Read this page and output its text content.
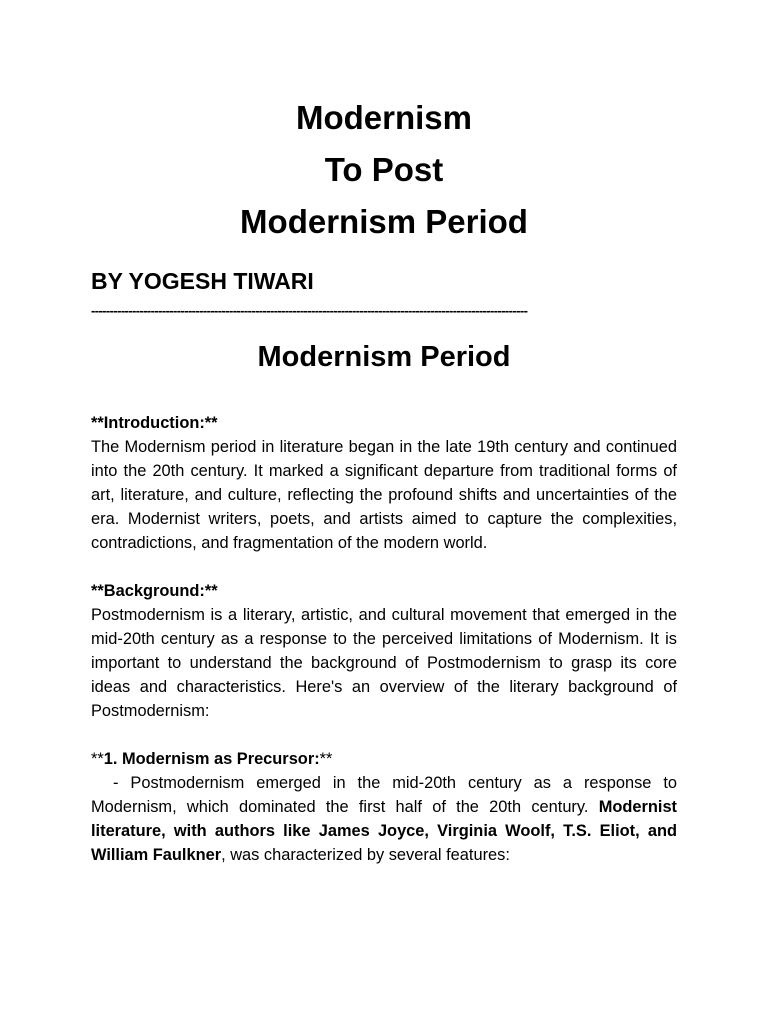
Modernism
To Post
Modernism Period
BY YOGESH TIWARI
---------------------------------------------------------------------------------------------------------------------
Modernism Period
**Introduction:**

The Modernism period in literature began in the late 19th century and continued into the 20th century. It marked a significant departure from traditional forms of art, literature, and culture, reflecting the profound shifts and uncertainties of the era. Modernist writers, poets, and artists aimed to capture the complexities, contradictions, and fragmentation of the modern world.

**Background:**

Postmodernism is a literary, artistic, and cultural movement that emerged in the mid-20th century as a response to the perceived limitations of Modernism. It is important to understand the background of Postmodernism to grasp its core ideas and characteristics. Here's an overview of the literary background of Postmodernism:

**1. Modernism as Precursor:**

- Postmodernism emerged in the mid-20th century as a response to Modernism, which dominated the first half of the 20th century. Modernist literature, with authors like James Joyce, Virginia Woolf, T.S. Eliot, and William Faulkner, was characterized by several features:
